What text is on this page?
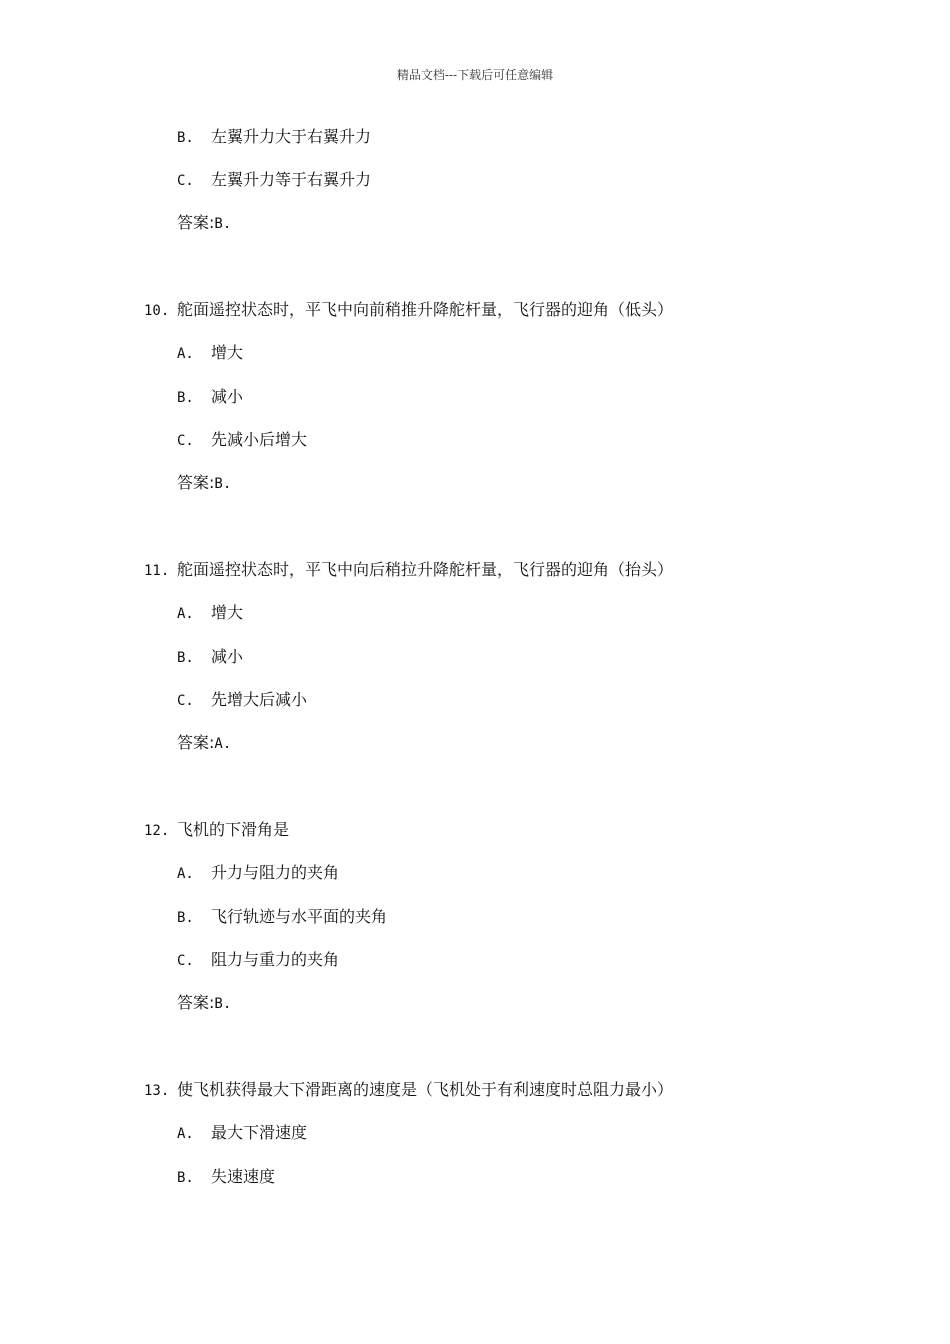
精品文档---下载后可任意编辑
B. 左翼升力大于右翼升力
C. 左翼升力等于右翼升力
答案:B.
10. 舵面遥控状态时，平飞中向前稍推升降舵杆量，飞行器的迎角（低头）
A. 增大
B. 减小
C. 先减小后增大
答案:B.
11. 舵面遥控状态时，平飞中向后稍拉升降舵杆量，飞行器的迎角（抬头）
A. 增大
B. 减小
C. 先增大后减小
答案:A.
12. 飞机的下滑角是
A. 升力与阻力的夹角
B. 飞行轨迹与水平面的夹角
C. 阻力与重力的夹角
答案:B.
13. 使飞机获得最大下滑距离的速度是（飞机处于有利速度时总阻力最小）
A. 最大下滑速度
B. 失速速度
